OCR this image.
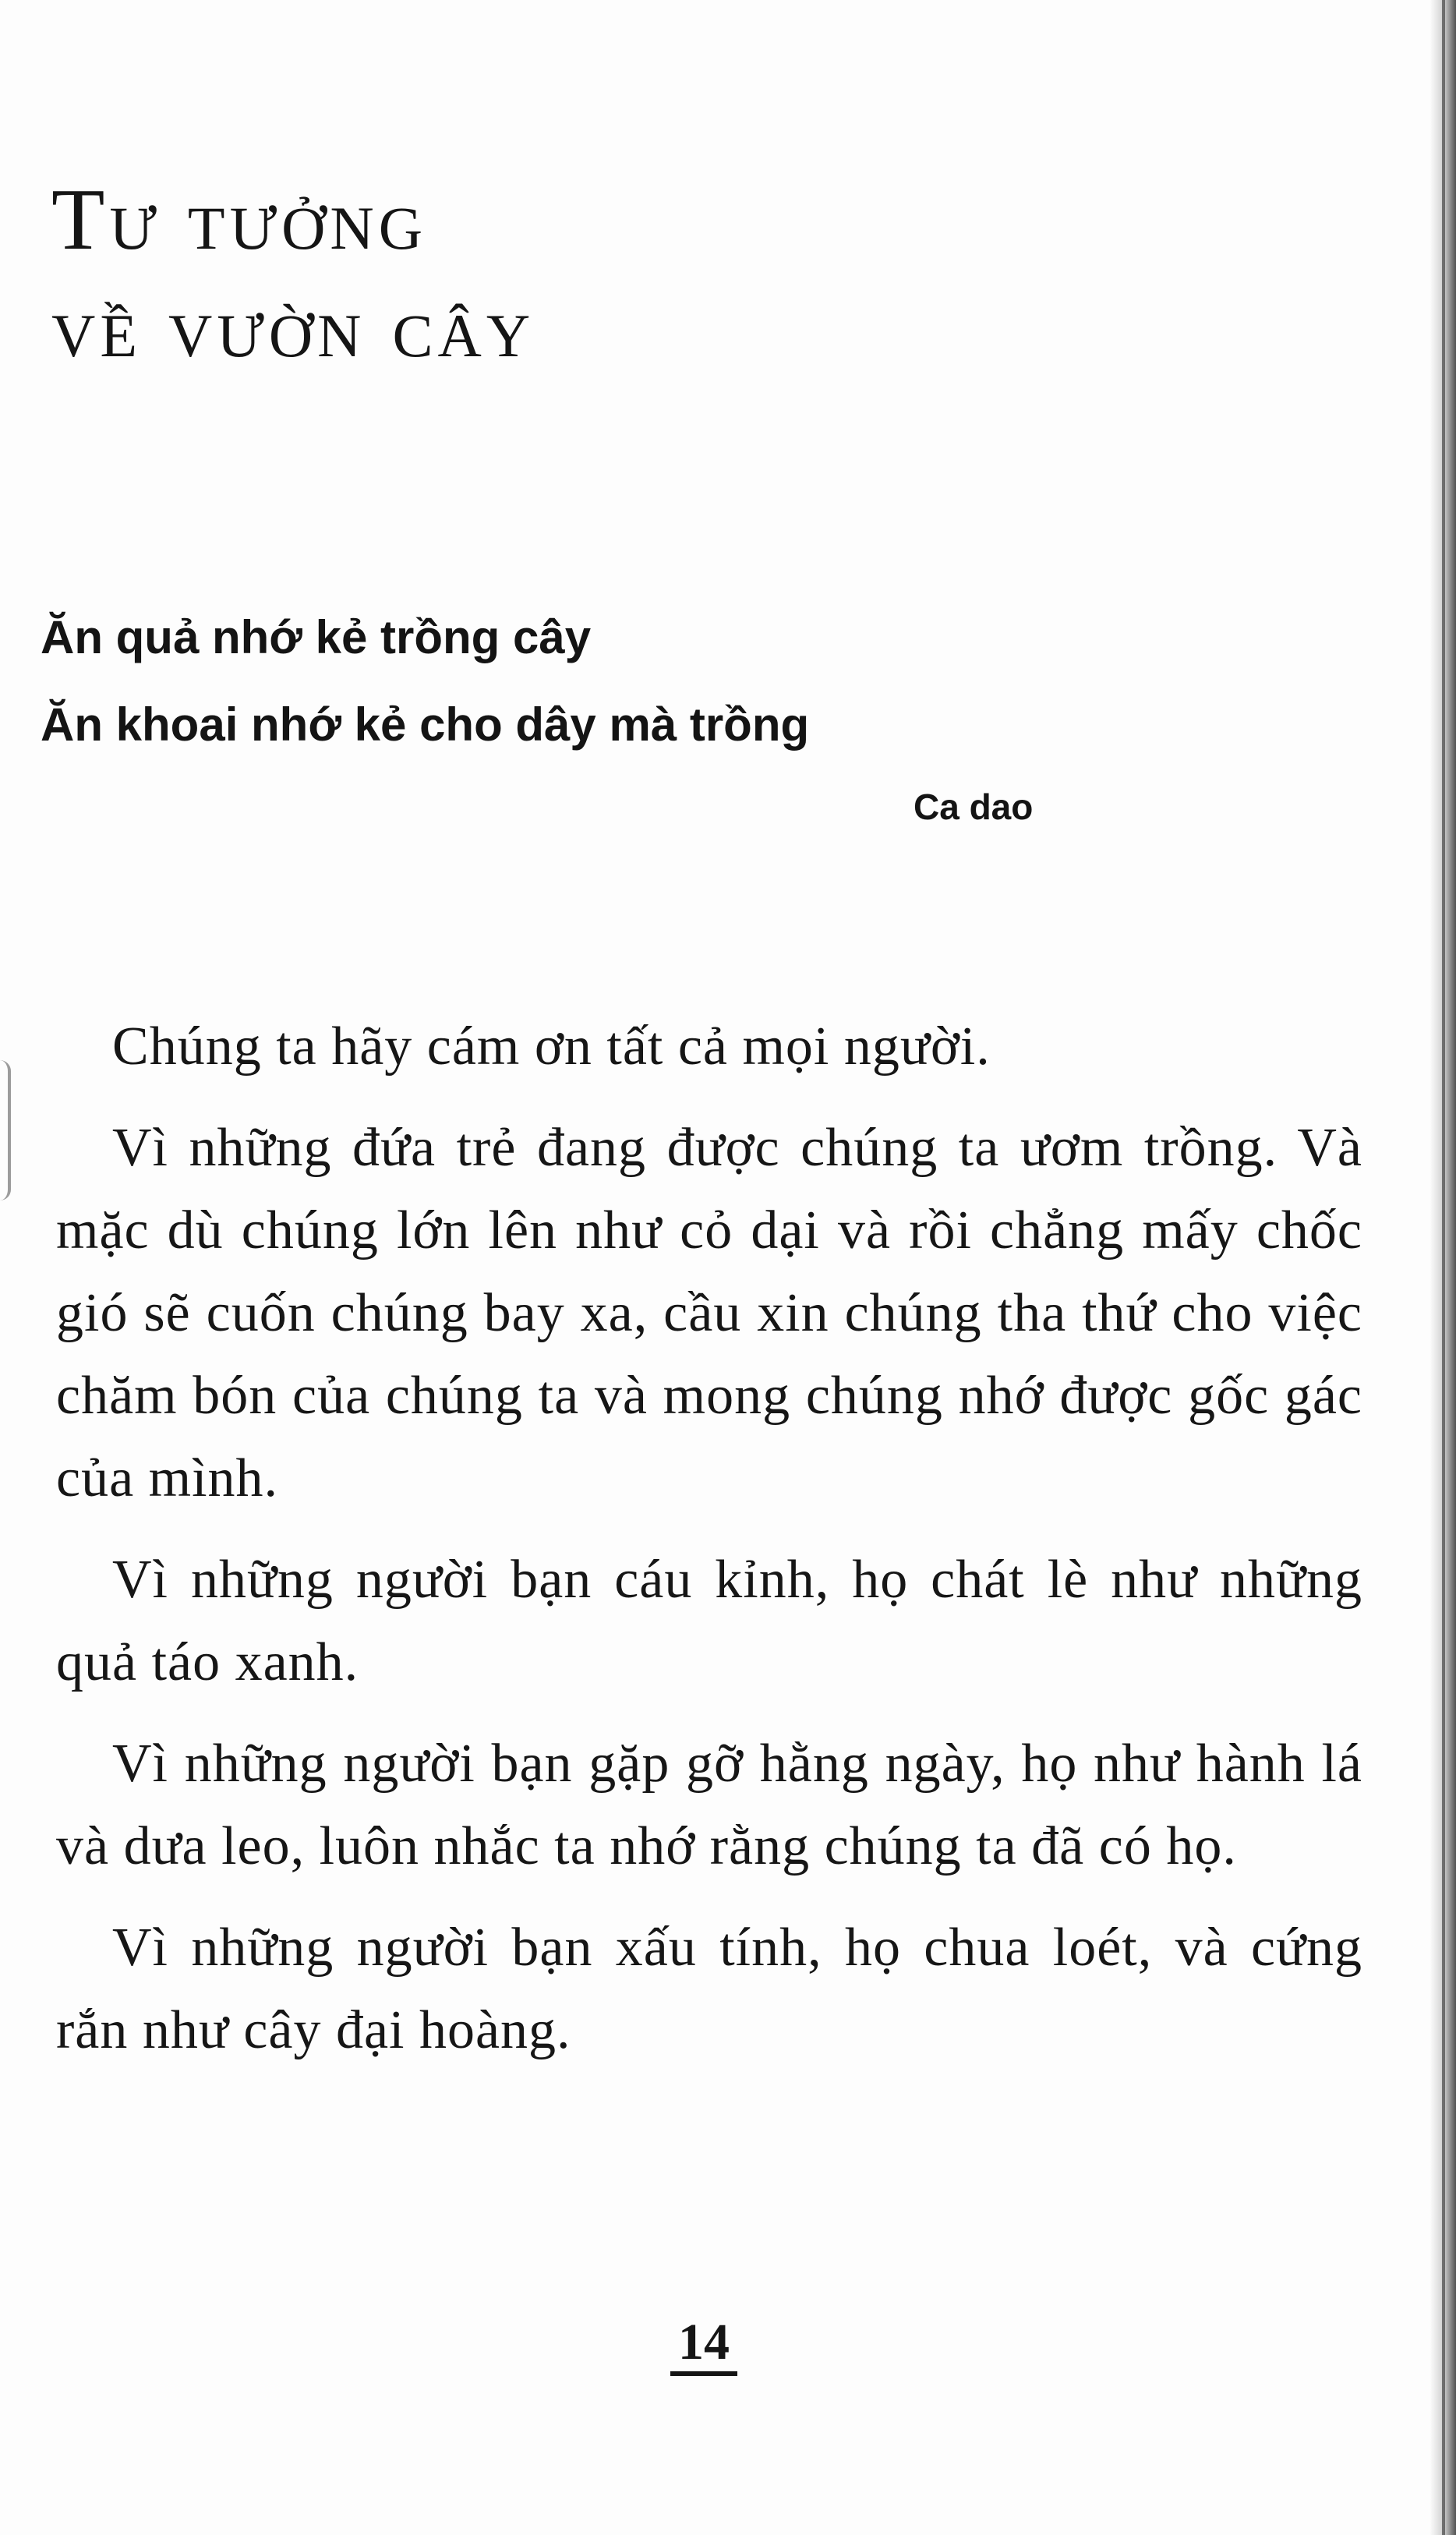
Tư tưởng
về vườn cây
Ăn quả nhớ kẻ trồng cây
Ăn khoai nhớ kẻ cho dây mà trồng
Ca dao

Chúng ta hãy cám ơn tất cả mọi người.

Vì những đứa trẻ đang được chúng ta ươm trồng. Và mặc dù chúng lớn lên như cỏ dại và rồi chẳng mấy chốc gió sẽ cuốn chúng bay xa, cầu xin chúng tha thứ cho việc chăm bón của chúng ta và mong chúng nhớ được gốc gác của mình.

Vì những người bạn cáu kỉnh, họ chát lè như những quả táo xanh.

Vì những người bạn gặp gỡ hằng ngày, họ như hành lá và dưa leo, luôn nhắc ta nhớ rằng chúng ta đã có họ.

Vì những người bạn xấu tính, họ chua loét, và cứng rắn như cây đại hoàng.

14
